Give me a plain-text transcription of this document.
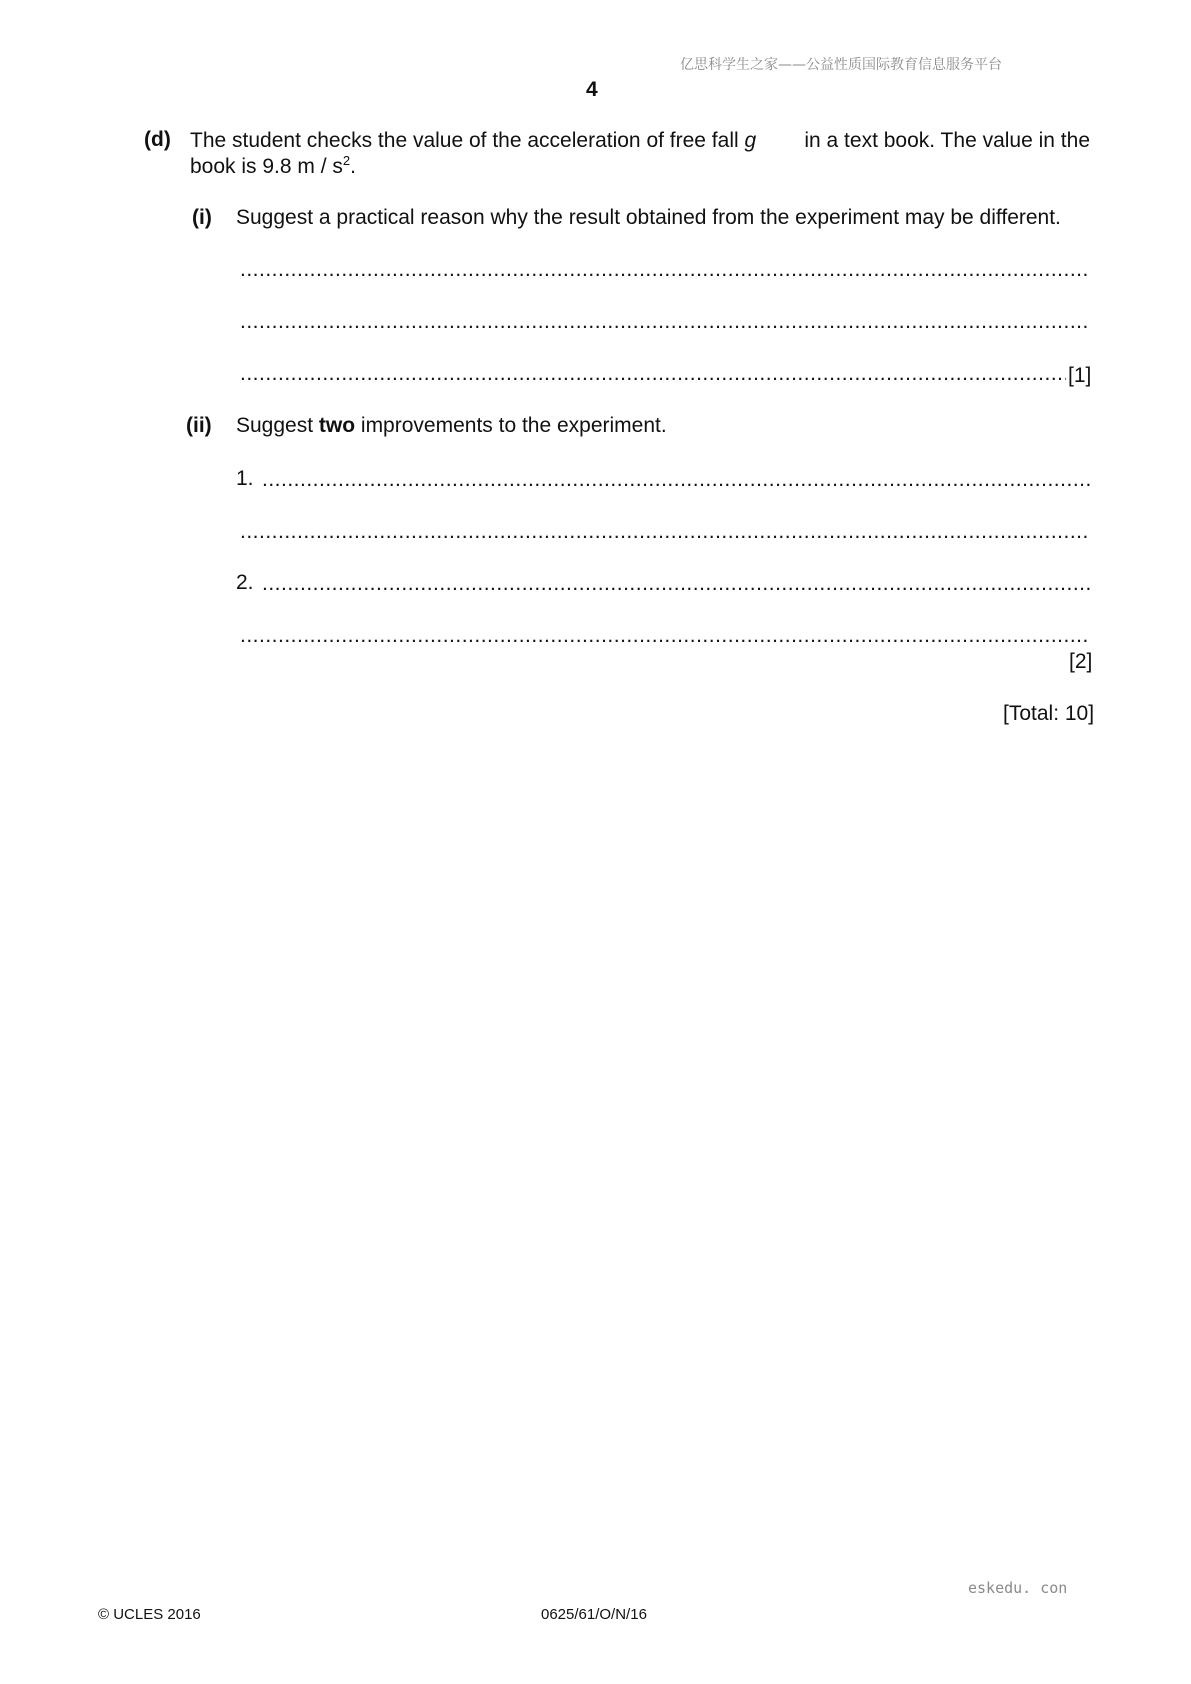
亿思科学生之家——公益性质国际教育信息服务平台
4
(d) The student checks the value of the acceleration of free fall g in a text book. The value in the
book is 9.8 m / $s^2$.
(i) Suggest a practical reason why the result obtained from the experiment may be different.
.....
.....
.....
[1]
(ii) Suggest two improvements to the experiment.
1.
.....
.....
2.
.....
.....
[2]
[Total: 10]
eskedu. con
© UCLES 2016	0625/61/O/N/16
